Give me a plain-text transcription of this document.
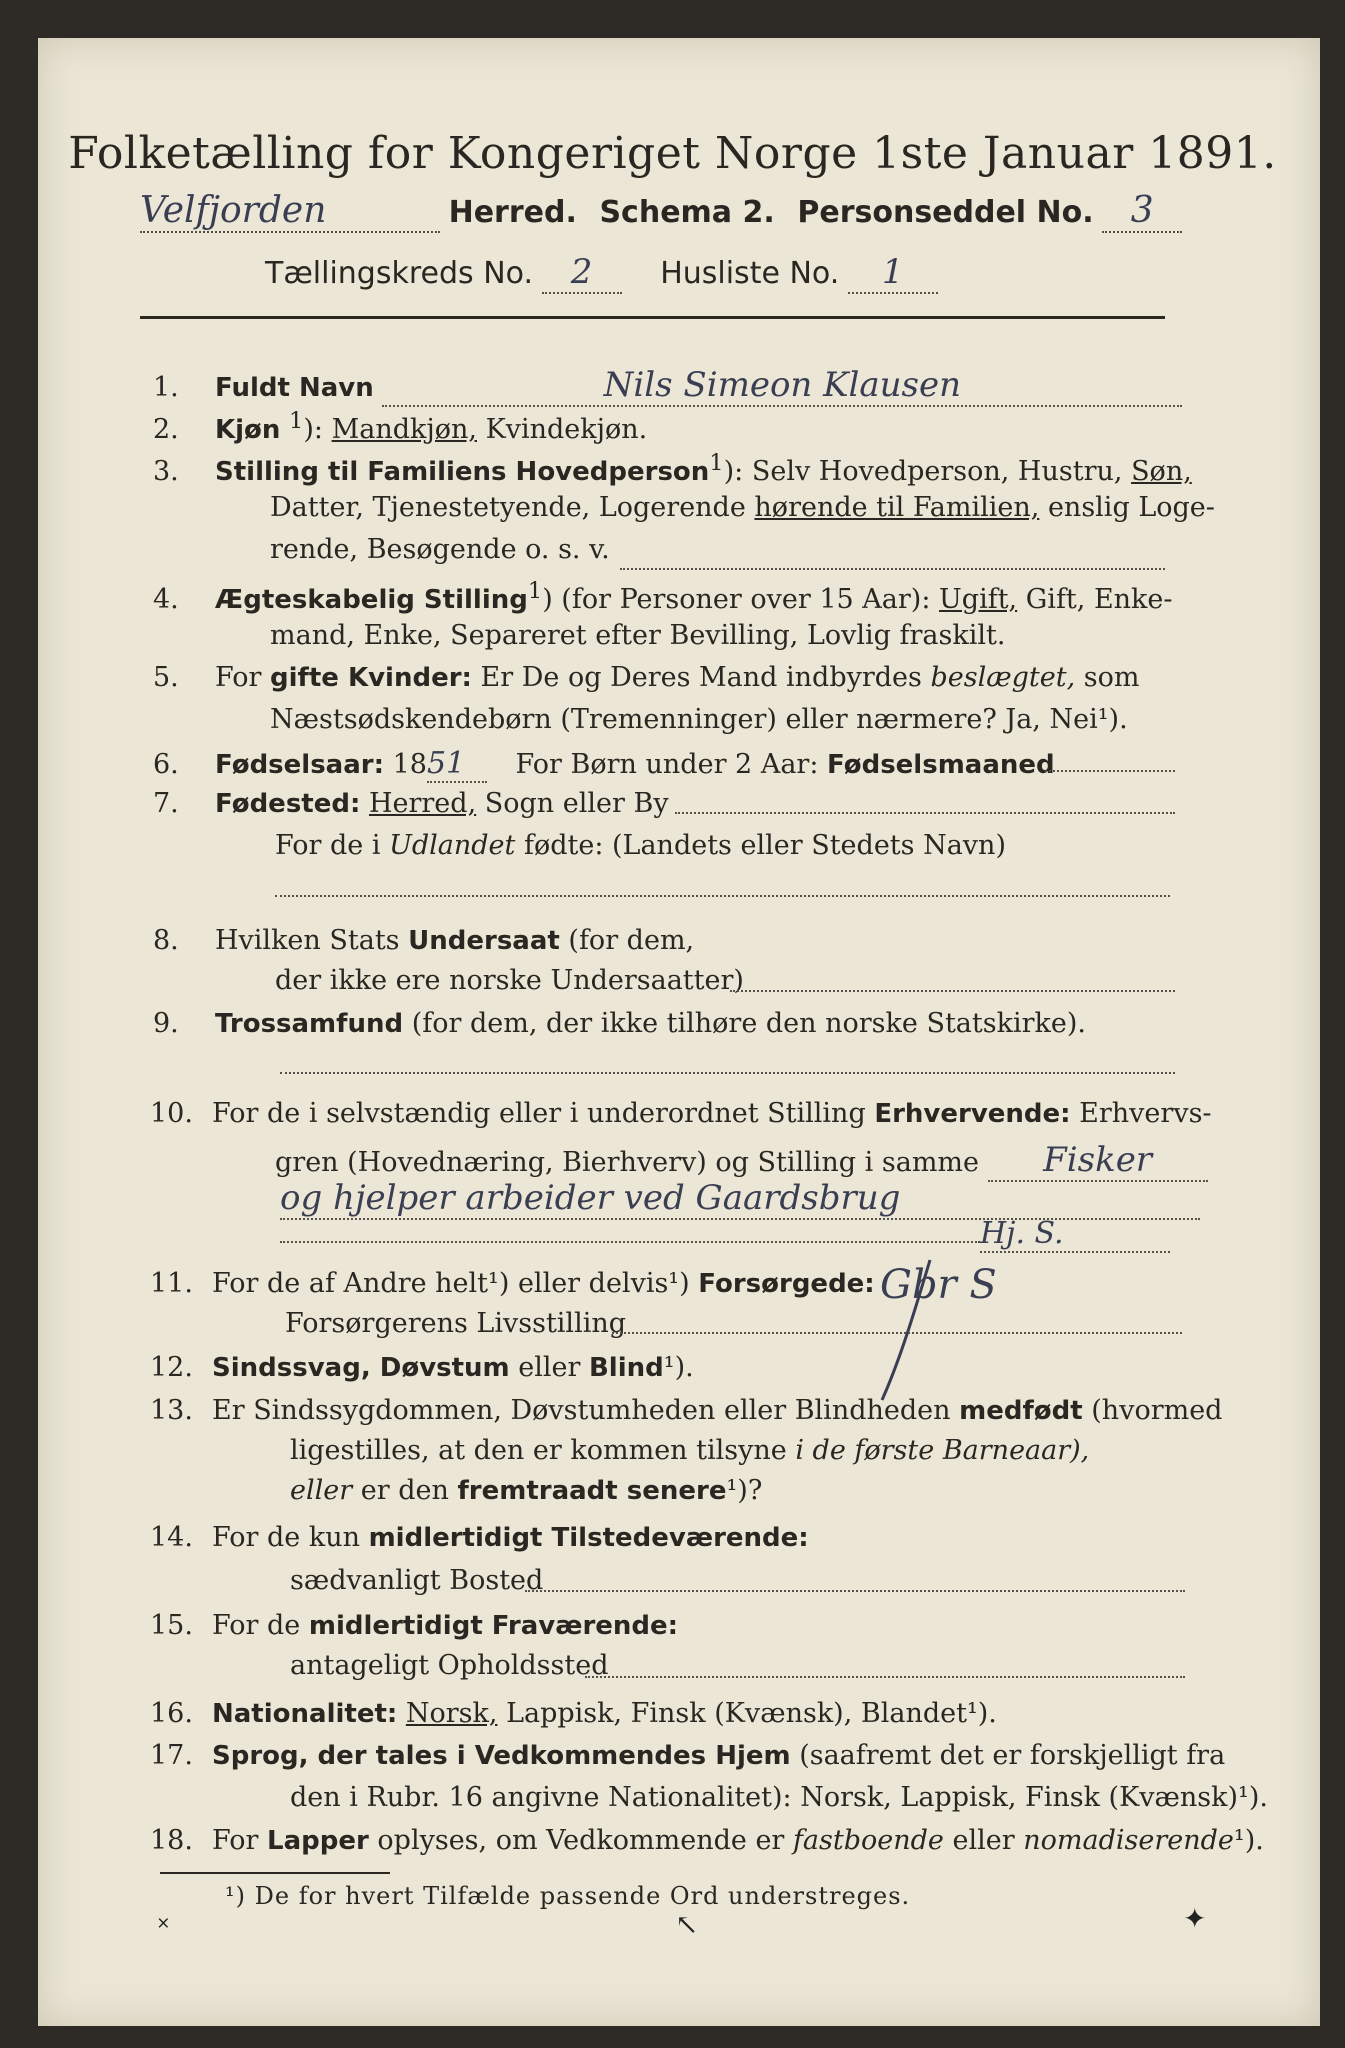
Folketælling for Kongeriget Norge 1ste Januar 1891.
Velfjorden	Herred. Schema 2. Personseddel No. 3
Tællingskreds No. 2 Husliste No. 1
1. Fuldt Navn	Nils Simeon Klausen
2. Kjøn $^1$): Mandkjøn, Kvindekjøn.
3. Stilling til Familiens Hovedperson$^1$): Selv Hovedperson, Hustru, Søn,
Datter, Tjenestetyende, Logerende hørende til Familien, enslig Loge-
rende, Besøgende o. s. v.
4. Ægteskabelig Stilling$^1$) (for Personer over 15 Aar): Ugift, Gift, Enke-
mand, Enke, Separeret efter Bevilling, Lovlig fraskilt.
5. For gifte Kvinder: Er De og Deres Mand indbyrdes beslægtet, som
Næstsødskendebørn (Tremenninger) eller nærmere? Ja, Nei¹).
6. Fødselsaar: 1851 For Børn under 2 Aar: Fødselsmaaned
7. Fødested: Herred, Sogn eller By
For de i Udlandet fødte: (Landets eller Stedets Navn)
8. Hvilken Stats Undersaat (for dem,
der ikke ere norske Undersaatter)
9. Trossamfund (for dem, der ikke tilhøre den norske Statskirke).
10. For de i selvstændig eller i underordnet Stilling Erhvervende: Erhvervs-
gren (Hovednæring, Bierhverv) og Stilling i samme Fisker
og hjelper arbeider ved Gaardsbrug
Hj. S.
11. For de af Andre helt¹) eller delvis¹) Forsørgede: Gbr S
Forsørgerens Livsstilling
12. Sindssvag, Døvstum eller Blind¹).
13. Er Sindssygdommen, Døvstumheden eller Blindheden medfødt (hvormed
ligestilles, at den er kommen tilsyne i de første Barneaar),
eller er den fremtraadt senere¹)?
14. For de kun midlertidigt Tilstedeværende:
sædvanligt Bosted
15. For de midlertidigt Fraværende:
antageligt Opholdssted
16. Nationalitet: Norsk, Lappisk, Finsk (Kvænsk), Blandet¹).
17. Sprog, der tales i Vedkommendes Hjem (saafremt det er forskjelligt fra
den i Rubr. 16 angivne Nationalitet): Norsk, Lappisk, Finsk (Kvænsk)¹).
18. For Lapper oplyses, om Vedkommende er fastboende eller nomadiserende¹).
¹) De for hvert Tilfælde passende Ord understreges.
˟	↖	✦
